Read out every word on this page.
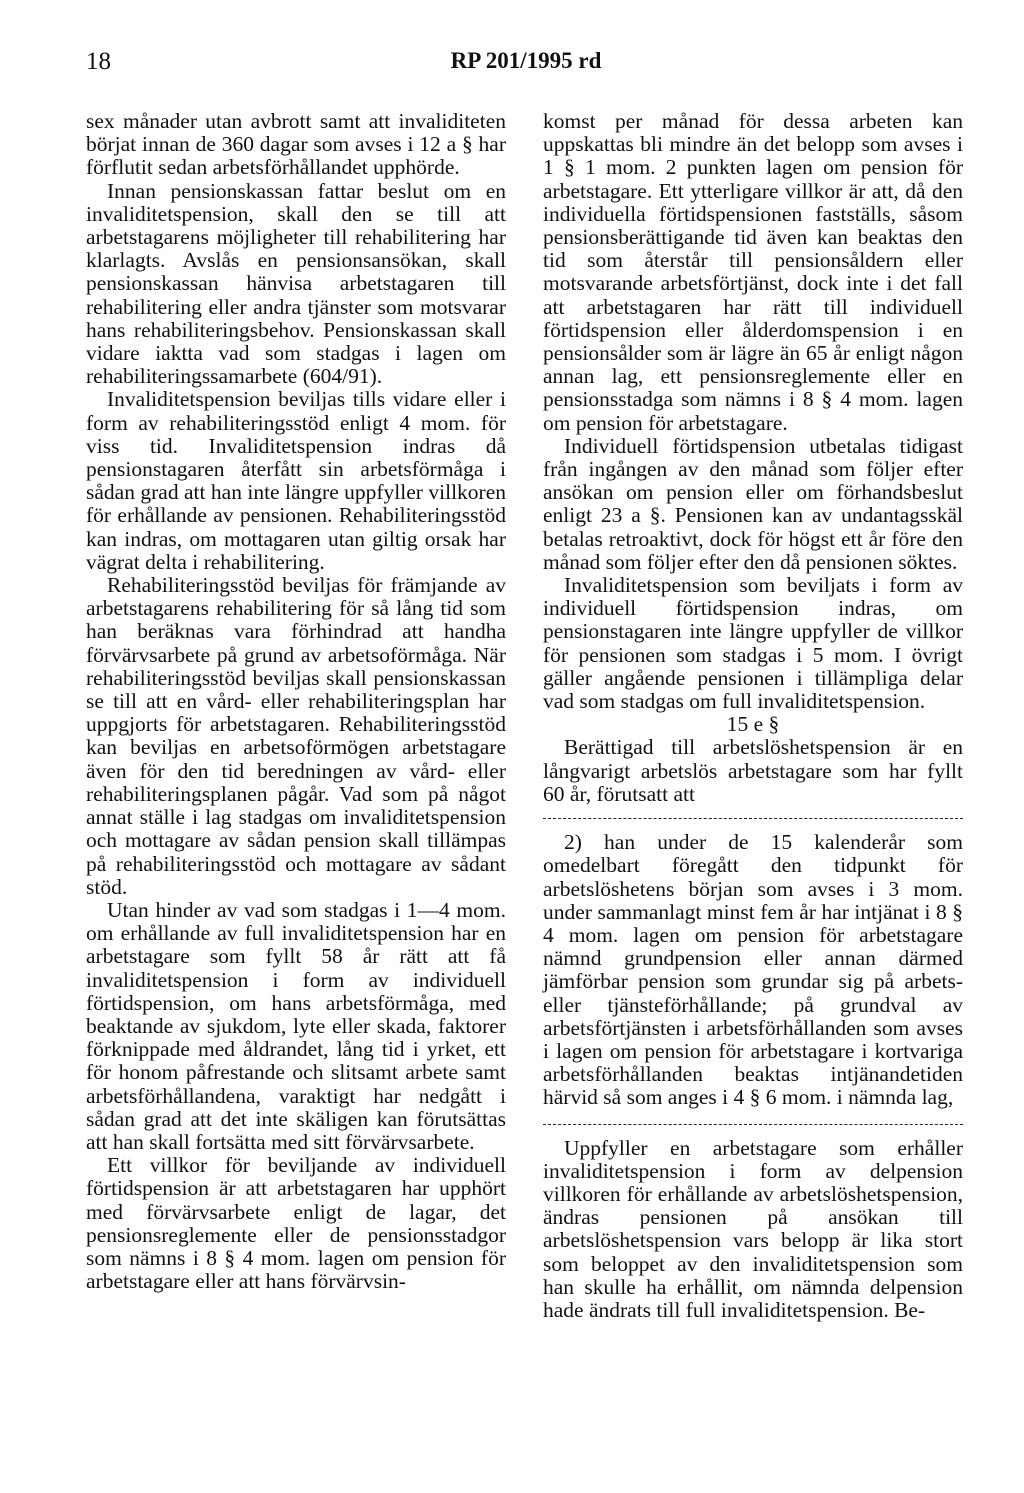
18	RP 201/1995 rd

sex månader utan avbrott samt att invaliditeten börjat innan de 360 dagar som avses i 12 a § har förflutit sedan arbetsförhållandet upphörde.

Innan pensionskassan fattar beslut om en invaliditetspension, skall den se till att arbetstagarens möjligheter till rehabilitering har klarlagts. Avslås en pensionsansökan, skall pensionskassan hänvisa arbetstagaren till rehabilitering eller andra tjänster som motsvarar hans rehabiliteringsbehov. Pensionskassan skall vidare iaktta vad som stadgas i lagen om rehabiliteringssamarbete (604/91).

Invaliditetspension beviljas tills vidare eller i form av rehabiliteringsstöd enligt 4 mom. för viss tid. Invaliditetspension indras då pensionstagaren återfått sin arbetsförmåga i sådan grad att han inte längre uppfyller villkoren för erhållande av pensionen. Rehabiliteringsstöd kan indras, om mottagaren utan giltig orsak har vägrat delta i rehabilitering.

Rehabiliteringsstöd beviljas för främjande av arbetstagarens rehabilitering för så lång tid som han beräknas vara förhindrad att handha förvärvsarbete på grund av arbetsoförmåga. När rehabiliteringsstöd beviljas skall pensionskassan se till att en vård- eller rehabiliteringsplan har uppgjorts för arbetstagaren. Rehabiliteringsstöd kan beviljas en arbetsoförmögen arbetstagare även för den tid beredningen av vård- eller rehabiliteringsplanen pågår. Vad som på något annat ställe i lag stadgas om invaliditetspension och mottagare av sådan pension skall tillämpas på rehabiliteringsstöd och mottagare av sådant stöd.

Utan hinder av vad som stadgas i 1—4 mom. om erhållande av full invaliditetspension har en arbetstagare som fyllt 58 år rätt att få invaliditetspension i form av individuell förtidspension, om hans arbetsförmåga, med beaktande av sjukdom, lyte eller skada, faktorer förknippade med åldrandet, lång tid i yrket, ett för honom påfrestande och slitsamt arbete samt arbetsförhållandena, varaktigt har nedgått i sådan grad att det inte skäligen kan förutsättas att han skall fortsätta med sitt förvärvsarbete.

Ett villkor för beviljande av individuell förtidspension är att arbetstagaren har upphört med förvärvsarbete enligt de lagar, det pensionsreglemente eller de pensionsstadgor som nämns i 8 § 4 mom. lagen om pension för arbetstagare eller att hans förvärvsin-

komst per månad för dessa arbeten kan uppskattas bli mindre än det belopp som avses i 1 § 1 mom. 2 punkten lagen om pension för arbetstagare. Ett ytterligare villkor är att, då den individuella förtidspensionen fastställs, såsom pensionsberättigande tid även kan beaktas den tid som återstår till pensionsåldern eller motsvarande arbetsförtjänst, dock inte i det fall att arbetstagaren har rätt till individuell förtidspension eller ålderdomspension i en pensionsålder som är lägre än 65 år enligt någon annan lag, ett pensionsreglemente eller en pensionsstadga som nämns i 8 § 4 mom. lagen om pension för arbetstagare.

Individuell förtidspension utbetalas tidigast från ingången av den månad som följer efter ansökan om pension eller om förhandsbeslut enligt 23 a §. Pensionen kan av undantagsskäl betalas retroaktivt, dock för högst ett år före den månad som följer efter den då pensionen söktes.

Invaliditetspension som beviljats i form av individuell förtidspension indras, om pensionstagaren inte längre uppfyller de villkor för pensionen som stadgas i 5 mom. I övrigt gäller angående pensionen i tillämpliga delar vad som stadgas om full invaliditetspension.

15 e §

Berättigad till arbetslöshetspension är en långvarigt arbetslös arbetstagare som har fyllt 60 år, förutsatt att

2) han under de 15 kalenderår som omedelbart föregått den tidpunkt för arbetslöshetens början som avses i 3 mom. under sammanlagt minst fem år har intjänat i 8 § 4 mom. lagen om pension för arbetstagare nämnd grundpension eller annan därmed jämförbar pension som grundar sig på arbets- eller tjänsteförhållande; på grundval av arbetsförtjänsten i arbetsförhållanden som avses i lagen om pension för arbetstagare i kortvariga arbetsförhållanden beaktas intjänandetiden härvid så som anges i 4 § 6 mom. i nämnda lag,

Uppfyller en arbetstagare som erhåller invaliditetspension i form av delpension villkoren för erhållande av arbetslöshetspension, ändras pensionen på ansökan till arbetslöshetspension vars belopp är lika stort som beloppet av den invaliditetspension som han skulle ha erhållit, om nämnda delpension hade ändrats till full invaliditetspension. Be-
